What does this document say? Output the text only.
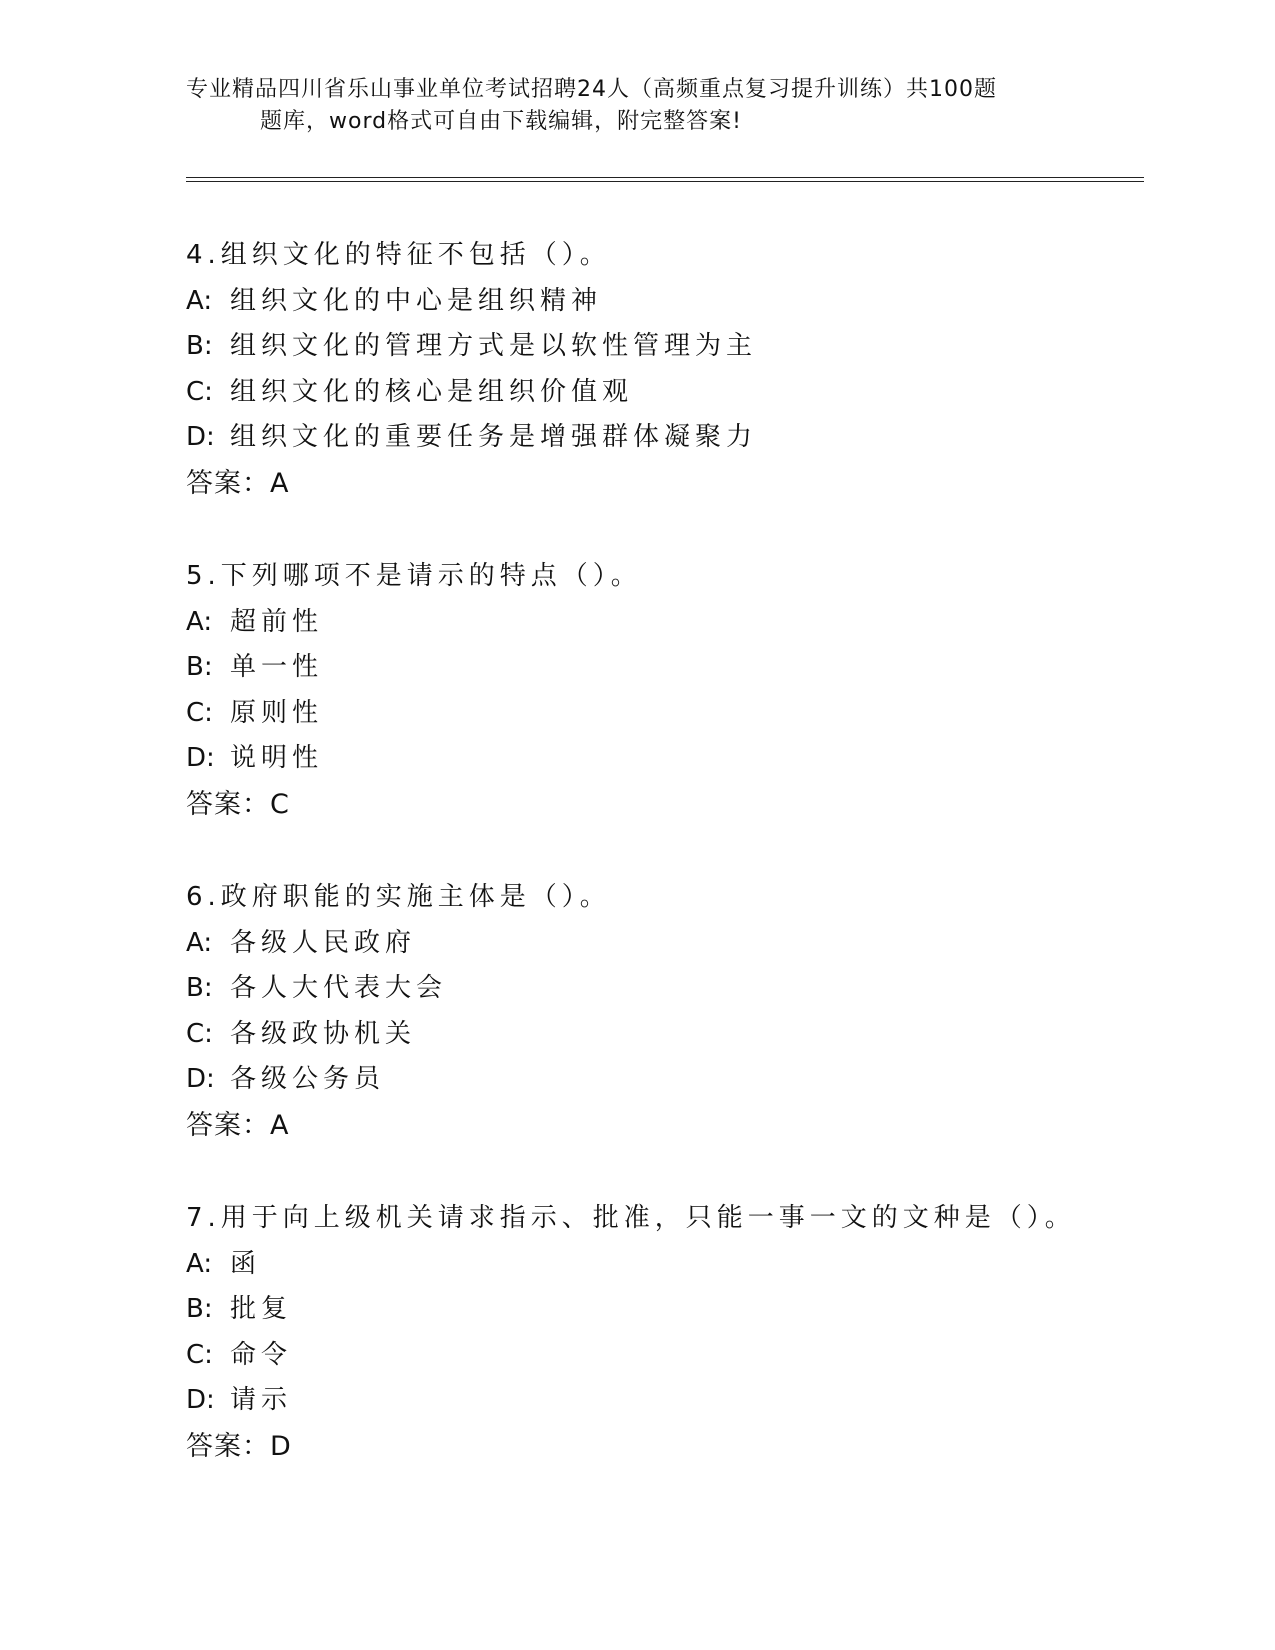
专业精品四川省乐山事业单位考试招聘24人（高频重点复习提升训练）共100题
题库，word格式可自由下载编辑，附完整答案!
4.组织文化的特征不包括（）。
A: 组织文化的中心是组织精神
B: 组织文化的管理方式是以软性管理为主
C: 组织文化的核心是组织价值观
D: 组织文化的重要任务是增强群体凝聚力
答案：A
5.下列哪项不是请示的特点（）。
A: 超前性
B: 单一性
C: 原则性
D: 说明性
答案：C
6.政府职能的实施主体是（）。
A: 各级人民政府
B: 各人大代表大会
C: 各级政协机关
D: 各级公务员
答案：A
7.用于向上级机关请求指示、批准，只能一事一文的文种是（）。
A: 函
B: 批复
C: 命令
D: 请示
答案：D
